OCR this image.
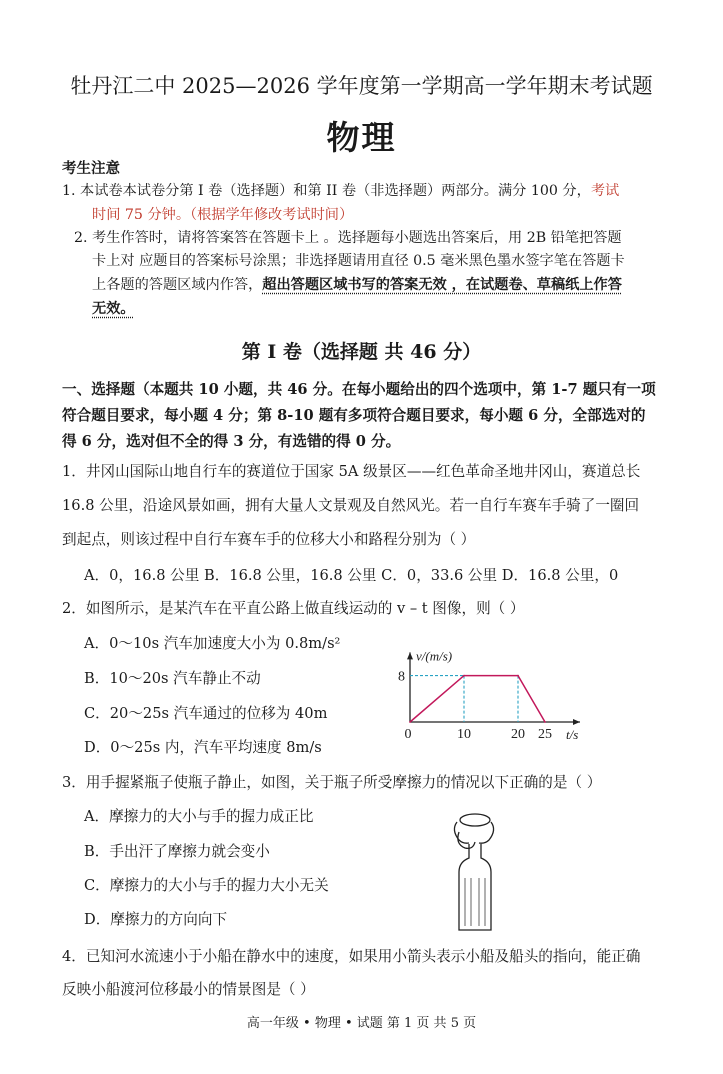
牡丹江二中 2025—2026 学年度第一学期高一学年期末考试题
物理
考生注意
1. 本试卷本试卷分第 I 卷（选择题）和第 II 卷（非选择题）两部分。满分 100 分，考试
时间 75 分钟。（根据学年修改考试时间）
2. 考生作答时，请将答案答在答题卡上 。选择题每小题选出答案后，用 2B 铅笔把答题
卡上对 应题目的答案标号涂黑；非选择题请用直径 0.5 毫米黑色墨水签字笔在答题卡
上各题的答题区域内作答，超出答题区域书写的答案无效 ，在试题卷、草稿纸上作答
无效。
第 I 卷（选择题 共 46 分）
一、选择题（本题共 10 小题，共 46 分。在每小题给出的四个选项中，第 1-7 题只有一项
符合题目要求，每小题 4 分；第 8-10 题有多项符合题目要求，每小题 6 分，全部选对的
得 6 分，选对但不全的得 3 分，有选错的得 0 分。
1．井冈山国际山地自行车的赛道位于国家 5A 级景区——红色革命圣地井冈山，赛道总长
16.8 公里，沿途风景如画，拥有大量人文景观及自然风光。若一自行车赛车手骑了一圈回
到起点，则该过程中自行车赛车手的位移大小和路程分别为（ ）
A．0，16.8 公里 B．16.8 公里，16.8 公里 C．0，33.6 公里 D．16.8 公里，0
2．如图所示，是某汽车在平直公路上做直线运动的 v – t 图像，则（ ）
A．0～10s 汽车加速度大小为 0.8m/s²
B．10～20s 汽车静止不动
C．20～25s 汽车通过的位移为 40m
D．0～25s 内，汽车平均速度 8m/s
0	10	20 25
8
v/(m/s)
t/s
3．用手握紧瓶子使瓶子静止，如图，关于瓶子所受摩擦力的情况以下正确的是（ ）
A．摩擦力的大小与手的握力成正比
B．手出汗了摩擦力就会变小
C．摩擦力的大小与手的握力大小无关
D．摩擦力的方向向下
4．已知河水流速小于小船在静水中的速度，如果用小箭头表示小船及船头的指向，能正确
反映小船渡河位移最小的情景图是（ ）
高一年级 • 物理 • 试题 第 1 页 共 5 页
